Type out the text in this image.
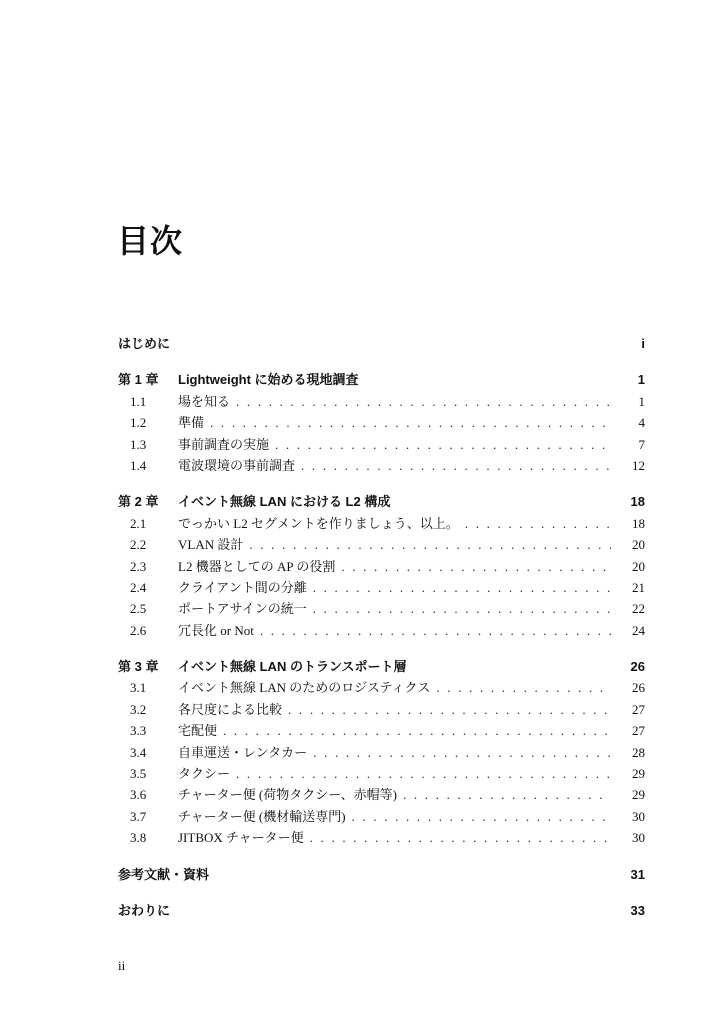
目次
はじめに	i
第 1 章	Lightweight に始める現地調査	1
1.1	場を知る . . .	1
1.2	準備 . . .	4
1.3	事前調査の実施 . . .	7
1.4	電波環境の事前調査 . . .	12
第 2 章	イベント無線 LAN における L2 構成	18
2.1	でっかい L2 セグメントを作りましょう、以上。 . . .	18
2.2	VLAN 設計 . . .	20
2.3	L2 機器としての AP の役割 . . .	20
2.4	クライアント間の分離 . . .	21
2.5	ポートアサインの統一 . . .	22
2.6	冗長化 or Not . . .	24
第 3 章	イベント無線 LAN のトランスポート層	26
3.1	イベント無線 LAN のためのロジスティクス . . .	26
3.2	各尺度による比較 . . .	27
3.3	宅配便 . . .	27
3.4	自車運送・レンタカー . . .	28
3.5	タクシー . . .	29
3.6	チャーター便 (荷物タクシー、赤帽等) . . .	29
3.7	チャーター便 (機材輸送専門) . . .	30
3.8	JITBOX チャーター便 . . .	30
参考文献・資料	31
おわりに	33
ii
